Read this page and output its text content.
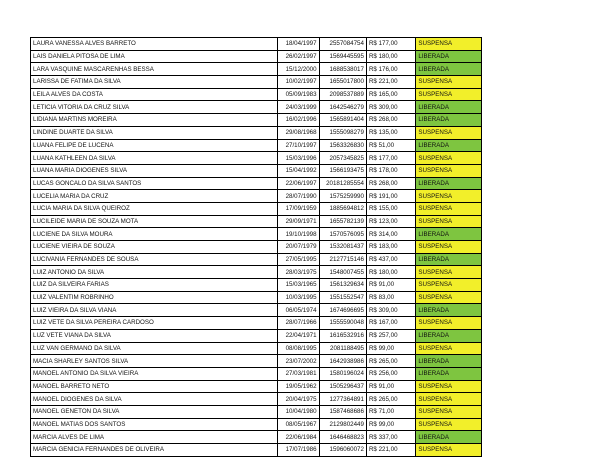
LAURA VANESSA ALVES BARRETO	18/04/1997	2557084754	R$ 177,00	SUSPENSA
LAIS DANIELA PITOSA DE LIMA	26/02/1997	1569445595	R$ 180,00	LIBERADA
LARA VASQUINE MASCARENHAS BESSA	15/12/2000	1688538017	R$ 176,00	LIBERADA
LARISSA DE FATIMA DA SILVA	10/02/1997	1655017800	R$ 221,00	SUSPENSA
LEILA ALVES DA COSTA	05/09/1983	2098537889	R$ 165,00	SUSPENSA
LETICIA VITORIA DA CRUZ SILVA	24/03/1999	1642546279	R$ 309,00	LIBERADA
LIDIANA MARTINS MOREIRA	16/02/1996	1565891404	R$ 268,00	LIBERADA
LINDINE DUARTE DA SILVA	29/08/1968	1555098279	R$ 135,00	SUSPENSA
LUANA FELIPE DE LUCENA	27/10/1997	1563326830	R$ 51,00	LIBERADA
LUANA KATHLEEN DA SILVA	15/03/1996	2057345825	R$ 177,00	SUSPENSA
LUANA MARIA DIOGENES SILVA	15/04/1992	1566193475	R$ 178,00	SUSPENSA
LUCAS GONCALO DA SILVA SANTOS	22/06/1997	20181285554	R$ 268,00	LIBERADA
LUCELIA MARIA DA CRUZ	28/07/1990	1575259990	R$ 191,00	SUSPENSA
LUCIA MARIA DA SILVA QUEIROZ	17/09/1959	1885694812	R$ 155,00	SUSPENSA
LUCILEIDE MARIA DE SOUZA MOTA	29/09/1971	1655782139	R$ 123,00	SUSPENSA
LUCIENE DA SILVA MOURA	19/10/1998	1570576095	R$ 314,00	LIBERADA
LUCIENE VIEIRA DE SOUZA	20/07/1979	1532081437	R$ 183,00	SUSPENSA
LUCIVANIA FERNANDES DE SOUSA	27/05/1995	2127715146	R$ 437,00	LIBERADA
LUIZ ANTONIO DA SILVA	28/03/1975	1548007455	R$ 180,00	SUSPENSA
LUIZ DA SILVEIRA FARIAS	15/03/1965	1561329634	R$ 91,00	SUSPENSA
LUIZ VALENTIM ROBRINHO	10/03/1995	1551552547	R$ 83,00	SUSPENSA
LUIZ VIEIRA DA SILVA VIANA	06/05/1974	1674696695	R$ 309,00	LIBERADA
LUIZ VETE DA SILVA PEREIRA CARDOSO	28/07/1966	1555590048	R$ 167,00	SUSPENSA
LUZ VETE VIANA DA SILVA	22/04/1971	1616532916	R$ 257,00	LIBERADA
LUZ VAN GERMANO DA SILVA	08/08/1995	2081188495	R$ 99,00	SUSPENSA
MACIA SHARLEY SANTOS SILVA	23/07/2002	1642938986	R$ 265,00	LIBERADA
MANOEL ANTONIO DA SILVA VIEIRA	27/03/1981	1580196024	R$ 256,00	LIBERADA
MANOEL BARRETO NETO	19/05/1962	1505296437	R$ 91,00	SUSPENSA
MANOEL DIOGENES DA SILVA	20/04/1975	1277364891	R$ 265,00	SUSPENSA
MANOEL GENETON DA SILVA	10/04/1980	1587468686	R$ 71,00	SUSPENSA
MANOEL MATIAS DOS SANTOS	08/05/1967	2129802449	R$ 99,00	SUSPENSA
MARCIA ALVES DE LIMA	22/06/1984	1646468823	R$ 337,00	LIBERADA
MARCIA GENICIA FERNANDES DE OLIVEIRA	17/07/1986	1596060072	R$ 221,00	SUSPENSA
